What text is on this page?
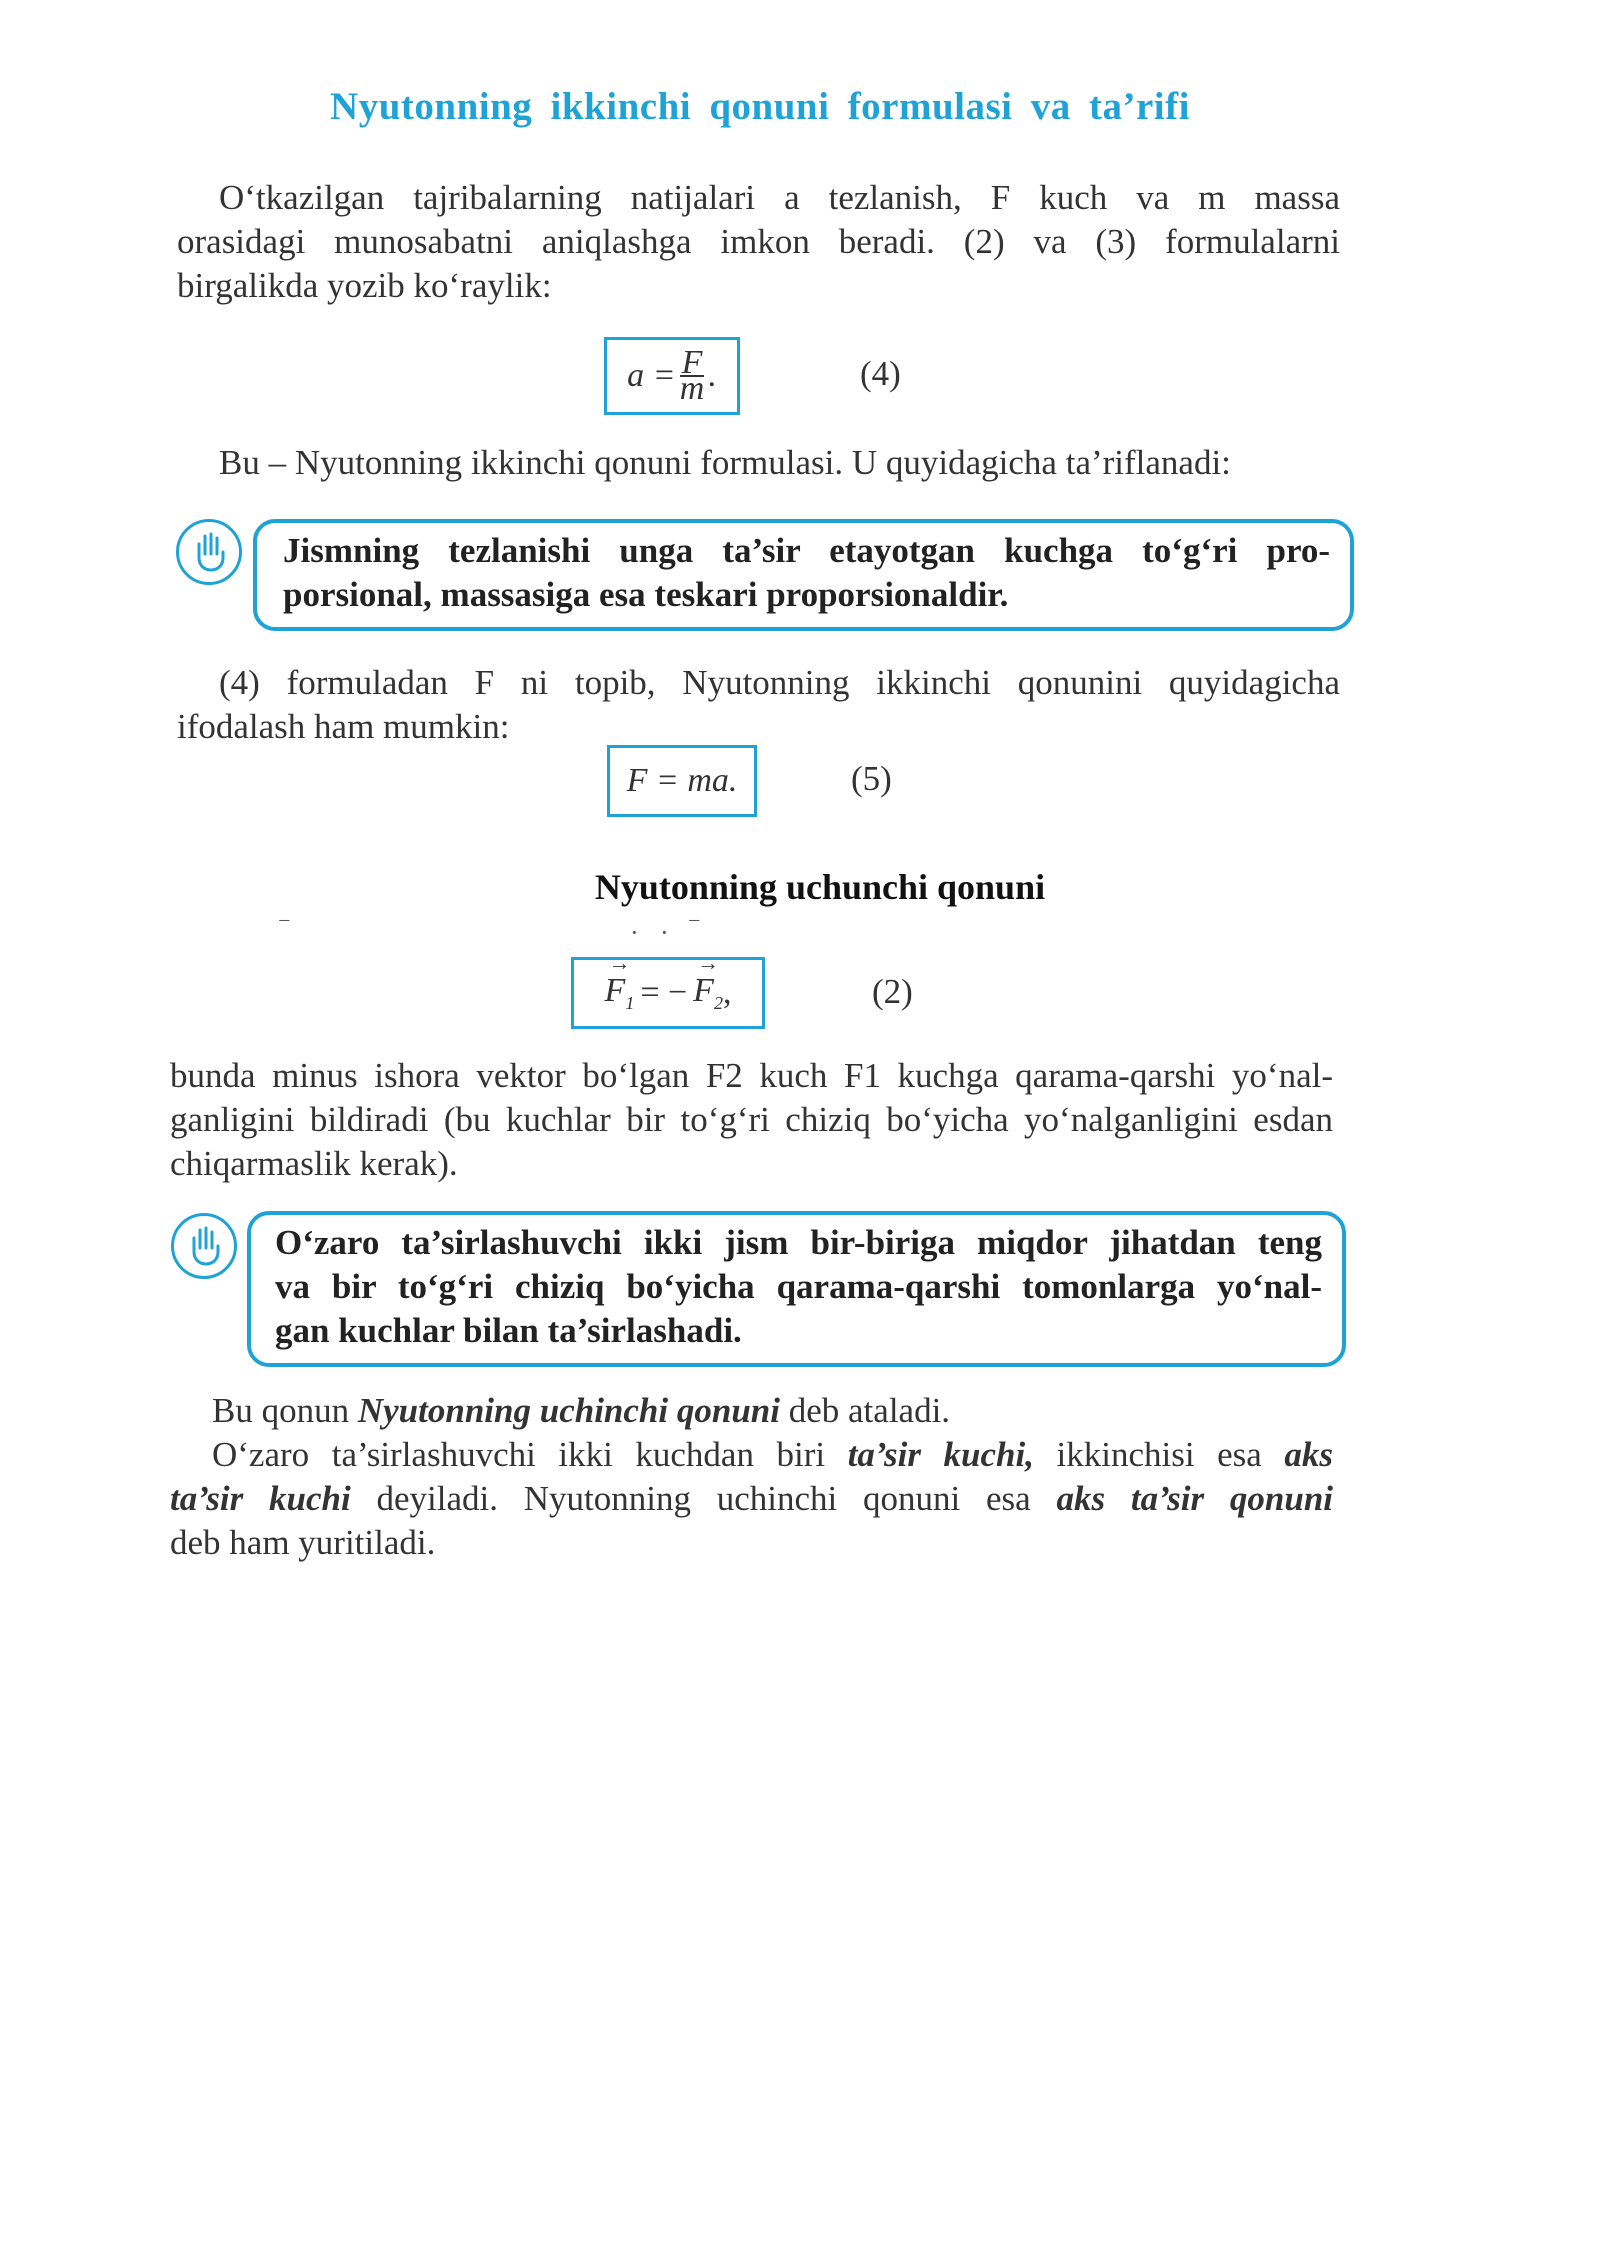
Nyutonning ikkinchi qonuni formulasi va ta’rifi
O‘tkazilgan tajribalarning natijalari a tezlanish, F kuch va m massa
orasidagi munosabatni aniqlashga imkon beradi. (2) va (3) formulalarni
birgalikda yozib ko‘raylik:
$a = \frac{F}{m}$ .	(4)
Bu – Nyutonning ikkinchi qonuni formulasi. U quyidagicha ta’riflanadi:
Jismning tezlanishi unga ta’sir etayotgan kuchga to‘g‘ri pro-
porsional, massasiga esa teskari proporsionaldir.
(4) formuladan F ni topib, Nyutonning ikkinchi qonunini quyidagicha
ifodalash ham mumkin:
F = ma.	(5)
Nyutonning uchunchi qonuni
‾	· · ‾
→ $F_1$ = −
→ $F_2$ ,	(2)
bunda minus ishora vektor bo‘lgan F2 kuch F1 kuchga qarama-qarshi yo‘nal-
ganligini bildiradi (bu kuchlar bir to‘g‘ri chiziq bo‘yicha yo‘nalganligini esdan
chiqarmaslik kerak).
O‘zaro ta’sirlashuvchi ikki jism bir-biriga miqdor jihatdan teng
va bir to‘g‘ri chiziq bo‘yicha qarama-qarshi tomonlarga yo‘nal-
gan kuchlar bilan ta’sirlashadi.
Bu qonun Nyutonning uchinchi qonuni deb ataladi.
O‘zaro ta’sirlashuvchi ikki kuchdan biri ta’sir kuchi, ikkinchisi esa aks
ta’sir kuchi deyiladi. Nyutonning uchinchi qonuni esa aks ta’sir qonuni
deb ham yuritiladi.
